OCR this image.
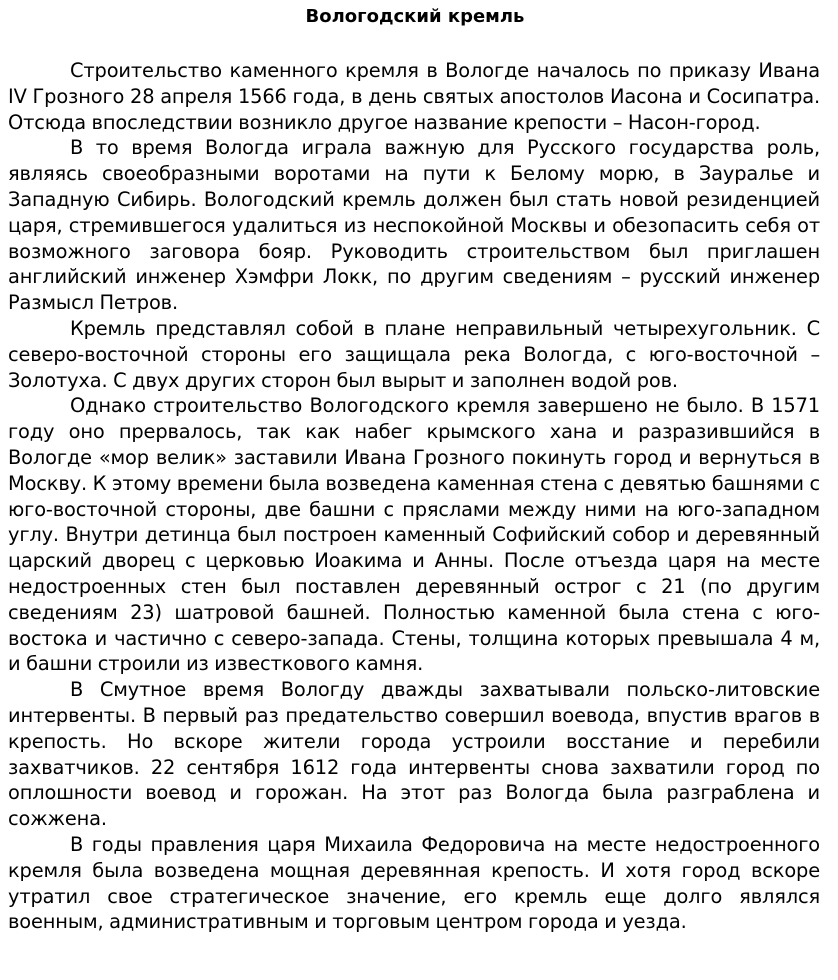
Вологодский кремль

Строительство каменного кремля в Вологде началось по приказу Ивана IV Грозного 28 апреля 1566 года, в день святых апостолов Иасона и Сосипатра. Отсюда впоследствии возникло другое название крепости – Насон-город.

В то время Вологда играла важную для Русского государства роль, являясь своеобразными воротами на пути к Белому морю, в Зауралье и Западную Сибирь. Вологодский кремль должен был стать новой резиденцией царя, стремившегося удалиться из неспокойной Москвы и обезопасить себя от возможного заговора бояр. Руководить строительством был приглашен английский инженер Хэмфри Локк, по другим сведениям – русский инженер Размысл Петров.

Кремль представлял собой в плане неправильный четырехугольник. С северо-восточной стороны его защищала река Вологда, с юго-восточной – Золотуха. С двух других сторон был вырыт и заполнен водой ров.

Однако строительство Вологодского кремля завершено не было. В 1571 году оно прервалось, так как набег крымского хана и разразившийся в Вологде «мор велик» заставили Ивана Грозного покинуть город и вернуться в Москву. К этому времени была возведена каменная стена с девятью башнями с юго-восточной стороны, две башни с пряслами между ними на юго-западном углу. Внутри детинца был построен каменный Софийский собор и деревянный царский дворец с церковью Иоакима и Анны. После отъезда царя на месте недостроенных стен был поставлен деревянный острог с 21 (по другим сведениям 23) шатровой башней. Полностью каменной была стена с юго-востока и частично с северо-запада. Стены, толщина которых превышала 4 м, и башни строили из известкового камня.

В Смутное время Вологду дважды захватывали польско-литовские интервенты. В первый раз предательство совершил воевода, впустив врагов в крепость. Но вскоре жители города устроили восстание и перебили захватчиков. 22 сентября 1612 года интервенты снова захватили город по оплошности воевод и горожан. На этот раз Вологда была разграблена и сожжена.

В годы правления царя Михаила Федоровича на месте недостроенного кремля была возведена мощная деревянная крепость. И хотя город вскоре утратил свое стратегическое значение, его кремль еще долго являлся военным, административным и торговым центром города и уезда.
